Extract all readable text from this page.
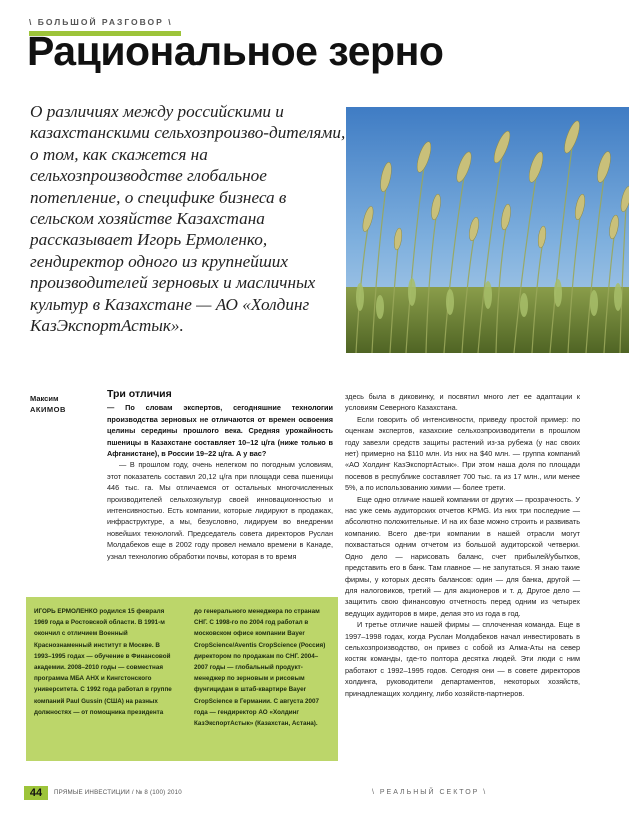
\ БОЛЬШОЙ РАЗГОВОР \
Рациональное зерно
О различиях между российскими и казахстанскими сельхозпроизво-дителями, о том, как скажется на сельхозпроизводстве глобальное потепление, о специфике бизнеса в сельском хозяйстве Казахстана рассказывает Игорь Ермоленко, гендиректор одного из крупнейших производителей зерновых и масличных культур в Казахстане — АО «Холдинг КазЭкспортАстык».
Максим
АКИМОВ
Три отличия

— По словам экспертов, сегодняшние технологии производства зерновых не отличаются от времен освоения целины середины прошлого века. Средняя урожайность пшеницы в Казахстане составляет 10–12 ц/га (ниже только в Афганистане), в России 19–22 ц/га. А у вас?

— В прошлом году, очень нелегком по погодным условиям, этот показатель составил 20,12 ц/га при площади сева пшеницы 446 тыс. га. Мы отличаемся от остальных многочисленных производителей сельхозкультур своей инновационностью и интенсивностью. Есть компании, которые лидируют в продажах, инфраструктуре, а мы, безусловно, лидируем во внедрении новейших технологий. Председатель совета директоров Руслан Молдабеков еще в 2002 году провел немало времени в Канаде, узнал технологию обработки почвы, которая в то время

здесь была в диковинку, и посвятил много лет ее адаптации к условиям Северного Казахстана.

Если говорить об интенсивности, приведу простой пример: по оценкам экспертов, казахские сельхозпроизводители в прошлом году завезли средств защиты растений из-за рубежа (у нас своих нет) примерно на $110 млн. Из них на $40 млн. — группа компаний «АО Холдинг КазЭкспортАстык». При этом наша доля по площади посевов в республике составляет 700 тыс. га из 17 млн., или менее 5%, а по использованию химии — более трети.

Еще одно отличие нашей компании от других — прозрачность. У нас уже семь аудиторских отчетов KPMG. Из них три последние — абсолютно положительные. И на их базе можно строить и развивать компанию. Всего две-три компании в нашей отрасли могут похвастаться одним отчетом из большой аудиторской четверки. Одно дело — нарисовать баланс, счет прибылей/убытков, представить его в банк. Там главное — не запутаться. Я знаю такие фирмы, у которых десять балансов: один — для банка, другой — для налоговиков, третий — для акционеров и т. д. Другое дело — защитить свою финансовую отчетность перед одним из четырех ведущих аудиторов в мире, делая это из года в год.

И третье отличие нашей фирмы — сплоченная команда. Еще в 1997–1998 годах, когда Руслан Молдабеков начал инвестировать в сельхозпроизводство, он привез с собой из Алма-Аты на север костяк команды, где-то полтора десятка людей. Эти люди с ним работают с 1992–1995 годов. Сегодня они — в совете директоров холдинга, руководители департаментов, некоторых хозяйств, принадлежащих холдингу, либо хозяйств-партнеров.

ИГОРЬ ЕРМОЛЕНКО родился 15 февраля 1969 года в Ростовской области. В 1991-м окончил с отличием Военный Краснознаменный институт в Москве. В 1993–1995 годах — обучение в Финансовой академии. 2008–2010 годы — совместная программа МБА АНХ и Кингстонского университета. С 1992 года работал в группе компаний Paul Gussin (США) на разных должностях — от помощника президента
до генерального менеджера по странам СНГ. С 1998-го по 2004 год работал в московском офисе компании Bayer CropScience/Aventis CropScience (Россия) директором по продажам по СНГ. 2004–2007 годы — глобальный продукт-менеджер по зерновым и рисовым фунгицидам в штаб-квартире Bayer CropScience в Германии. С августа 2007 года — гендиректор АО «Холдинг КазЭкспортАстык» (Казахстан, Астана).
44	ПРЯМЫЕ ИНВЕСТИЦИИ / № 8 (100) 2010	\ РЕАЛЬНЫЙ СЕКТОР \
